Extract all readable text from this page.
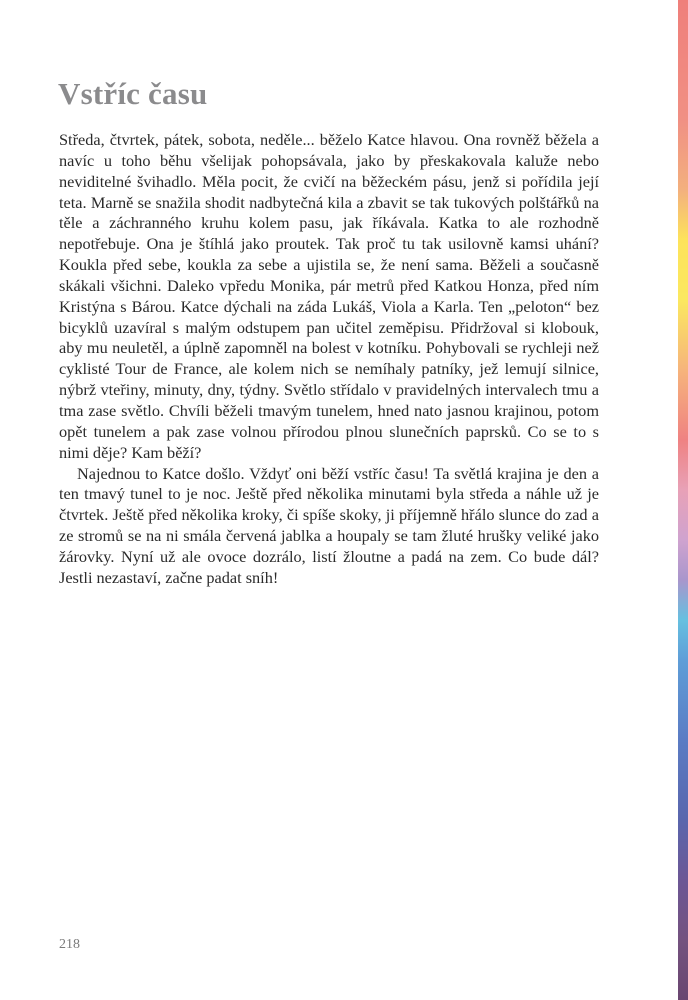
Vstříc času

Středa, čtvrtek, pátek, sobota, neděle... běželo Katce hlavou. Ona rovněž běžela a navíc u toho běhu všelijak pohopsávala, jako by přeskakovala kaluže nebo neviditelné švihadlo. Měla pocit, že cvičí na běžeckém pásu, jenž si pořídila její teta. Marně se snažila shodit nadbytečná kila a zbavit se tak tukových polštářků na těle a záchranného kruhu kolem pasu, jak říkávala. Katka to ale rozhodně nepotřebuje. Ona je štíhlá jako proutek. Tak proč tu tak usilovně kamsi uhání? Koukla před sebe, koukla za sebe a ujistila se, že není sama. Běželi a současně skákali všichni. Daleko vpředu Monika, pár metrů před Katkou Honza, před ním Kristýna s Bárou. Katce dýchali na záda Lukáš, Viola a Karla. Ten „peloton“ bez bicyklů uzavíral s malým odstupem pan učitel zeměpisu. Přidržoval si klobouk, aby mu neuletěl, a úplně zapomněl na bolest v kotníku. Pohybovali se rychleji než cyklisté Tour de France, ale kolem nich se nemíhaly patníky, jež lemují silnice, nýbrž vteřiny, minuty, dny, týdny. Světlo střídalo v pravidelných intervalech tmu a tma zase světlo. Chvíli běželi tmavým tunelem, hned nato jasnou krajinou, potom opět tunelem a pak zase volnou přírodou plnou slunečních paprsků. Co se to s nimi děje? Kam běží?

Najednou to Katce došlo. Vždyť oni běží vstříc času! Ta světlá krajina je den a ten tmavý tunel to je noc. Ještě před několika minutami byla středa a náhle už je čtvrtek. Ještě před několika kroky, či spíše skoky, ji příjemně hřálo slunce do zad a ze stromů se na ni smála červená jablka a houpaly se tam žluté hrušky veliké jako žárovky. Nyní už ale ovoce dozrálo, listí žloutne a padá na zem. Co bude dál? Jestli nezastaví, začne padat sníh!

218
